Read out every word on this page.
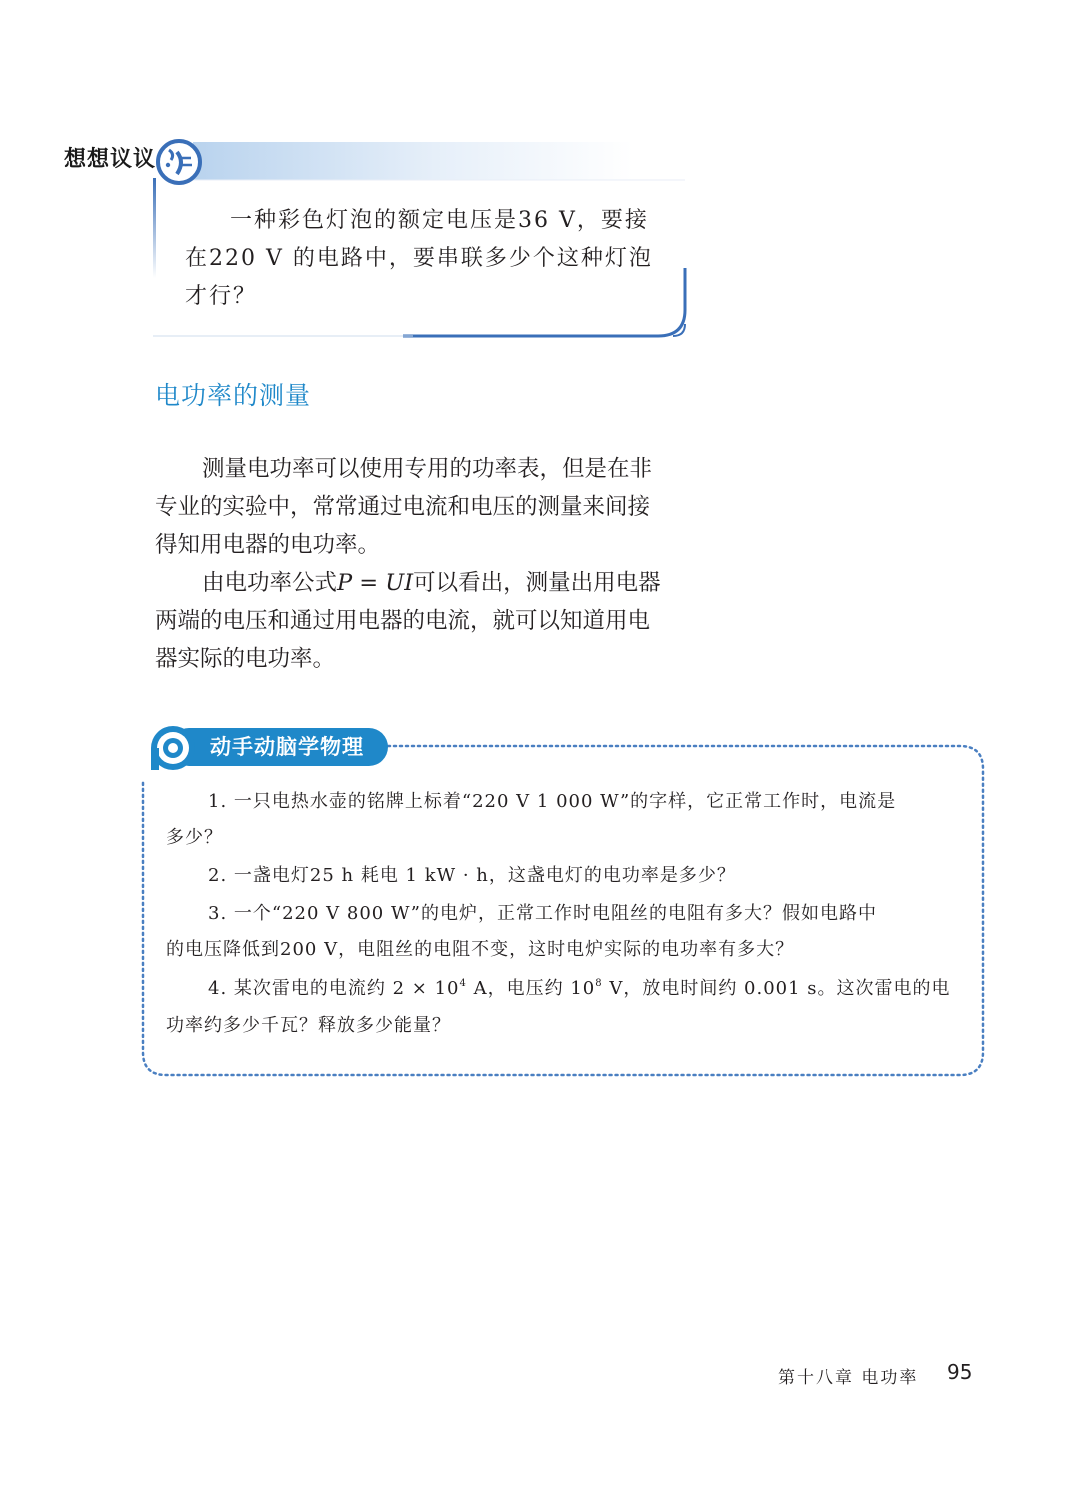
想想议议
一种彩色灯泡的额定电压是36 V，要接
在220 V 的电路中，要串联多少个这种灯泡
才行？
电功率的测量
测量电功率可以使用专用的功率表，但是在非
专业的实验中，常常通过电流和电压的测量来间接
得知用电器的电功率。
由电功率公式P = UI可以看出，测量出用电器
两端的电压和通过用电器的电流，就可以知道用电
器实际的电功率。
动手动脑学物理
1. 一只电热水壶的铭牌上标着“220 V 1 000 W”的字样，它正常工作时，电流是
多少？
2. 一盏电灯25 h 耗电 1 kW · h，这盏电灯的电功率是多少？
3. 一个“220 V 800 W”的电炉，正常工作时电阻丝的电阻有多大？假如电路中
的电压降低到200 V，电阻丝的电阻不变，这时电炉实际的电功率有多大？
4. 某次雷电的电流约 $2 \times 10^4$ A，电压约 $10^8$ V，放电时间约 0.001 s。这次雷电的电
功率约多少千瓦？释放多少能量？
第十八章 电功率 95
